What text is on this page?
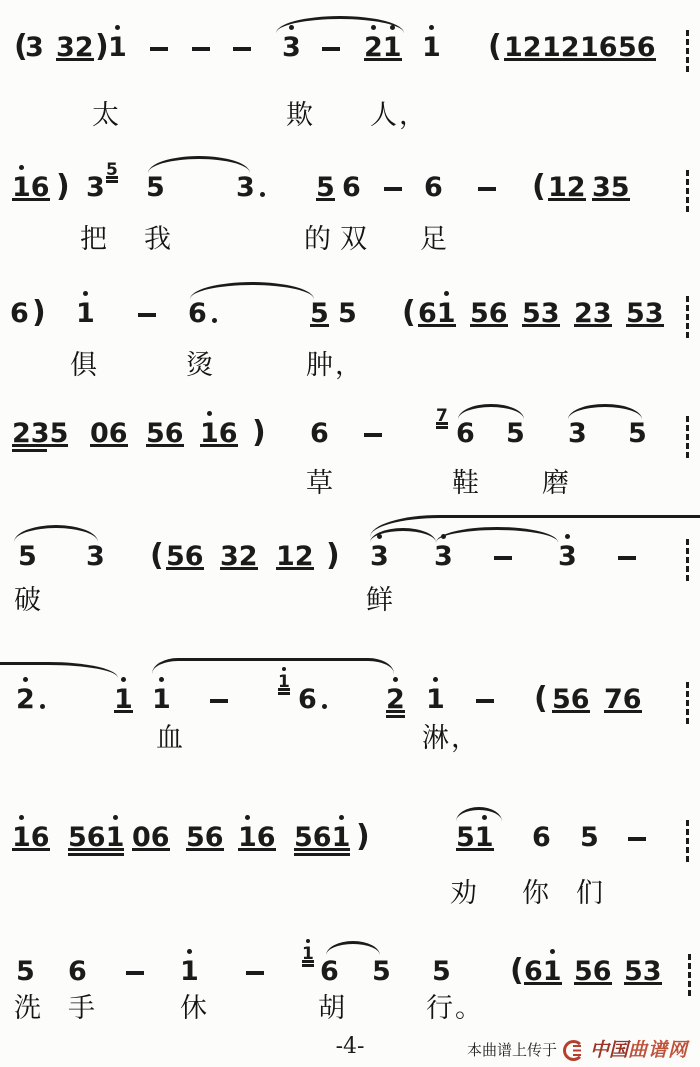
(
3 3 2 ) 1	3 2 1 1 ( 1 2 1 2 1 6 5 6
太	欺 人，
1 6 ) 3
5
5	3 5 6 6	( 1 2 3 5
把 我	的 双 足
6 ) 1	6	5 5 ( 6 1 5 6 5 3 2 3 5 3
俱	烫	肿，
2 3 5 0 6 5 6 1 6 ) 6
7
6 5 3 5
草	鞋 磨
5 3 ( 5 6 3 2 1 2 ) 3 3	3
破	鲜
2	1 1
1
6	2 1	( 5 6 7 6
血	淋，
1 6 5 6 1 0 6 5 6 1 6 5 6 1 )	5 1 6 5
劝 你 们
5 6	1
1
6 5 5 ( 6 1 5 6 5 3
洗 手	休	胡	行。
-4-	本曲谱上传于 中国曲谱网
